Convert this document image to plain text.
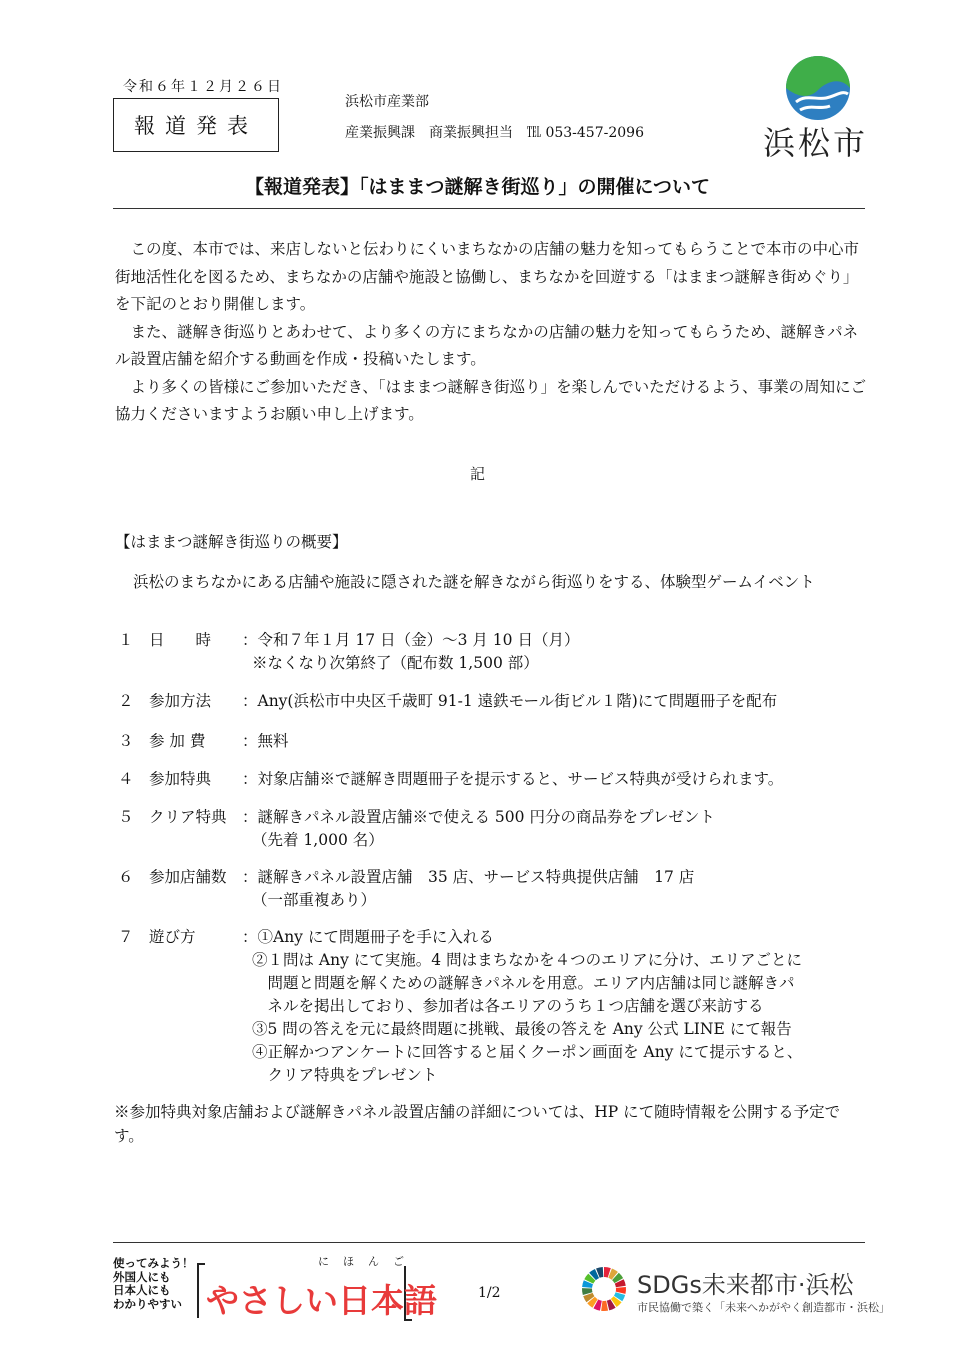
令和６年１２月２６日
報道発表
浜松市産業部
産業振興課　商業振興担当　℡ 053-457-2096	浜松市
【報道発表】「はままつ謎解き街巡り」の開催について

この度、本市では、来店しないと伝わりにくいまちなかの店舗の魅力を知ってもらうことで本市の中心市街地活性化を図るため、まちなかの店舗や施設と協働し、まちなかを回遊する「はままつ謎解き街めぐり」を下記のとおり開催します。

また、謎解き街巡りとあわせて、より多くの方にまちなかの店舗の魅力を知ってもらうため、謎解きパネル設置店舗を紹介する動画を作成・投稿いたします。

より多くの皆様にご参加いただき、「はままつ謎解き街巡り」を楽しんでいただけるよう、事業の周知にご協力くださいますようお願い申し上げます。

記
【はままつ謎解き街巡りの概要】
浜松のまちなかにある店舗や施設に隠された謎を解きながら街巡りをする、体験型ゲームイベント
１ 日　　時 ：令和７年１月 17 日（金）～3 月 10 日（月）
※なくなり次第終了（配布数 1,500 部）
２ 参加方法 ：Any(浜松市中央区千歳町 91-1 遠鉄モール街ビル１階)にて問題冊子を配布
３ 参 加 費 ：無料
４ 参加特典 ：対象店舗※で謎解き問題冊子を提示すると、サービス特典が受けられます。
５ クリア特典 ：謎解きパネル設置店舗※で使える 500 円分の商品券をプレゼント
（先着 1,000 名）
６ 参加店舗数 ：謎解きパネル設置店舗　35 店、サービス特典提供店舗　17 店
（一部重複あり）
７ 遊び方	：①Any にて問題冊子を手に入れる
②１問は Any にて実施。4 問はまちなかを４つのエリアに分け、エリアごとに
　問題と問題を解くための謎解きパネルを用意。エリア内店舗は同じ謎解きパ
　ネルを掲出しており、参加者は各エリアのうち１つ店舗を選び来訪する
③5 問の答えを元に最終問題に挑戦、最後の答えを Any 公式 LINE にて報告
④正解かつアンケートに回答すると届くクーポン画面を Any にて提示すると、
　クリア特典をプレゼント
※参加特典対象店舗および謎解きパネル設置店舗の詳細については、HP にて随時情報を公開する予定です。
使ってみよう！
外国人にも
日本人にも
わかりやすい
にほんご
やさしい日本語	1/2	SDGs未来都市·浜松
市民協働で築く「未来へかがやく創造都市・浜松」
